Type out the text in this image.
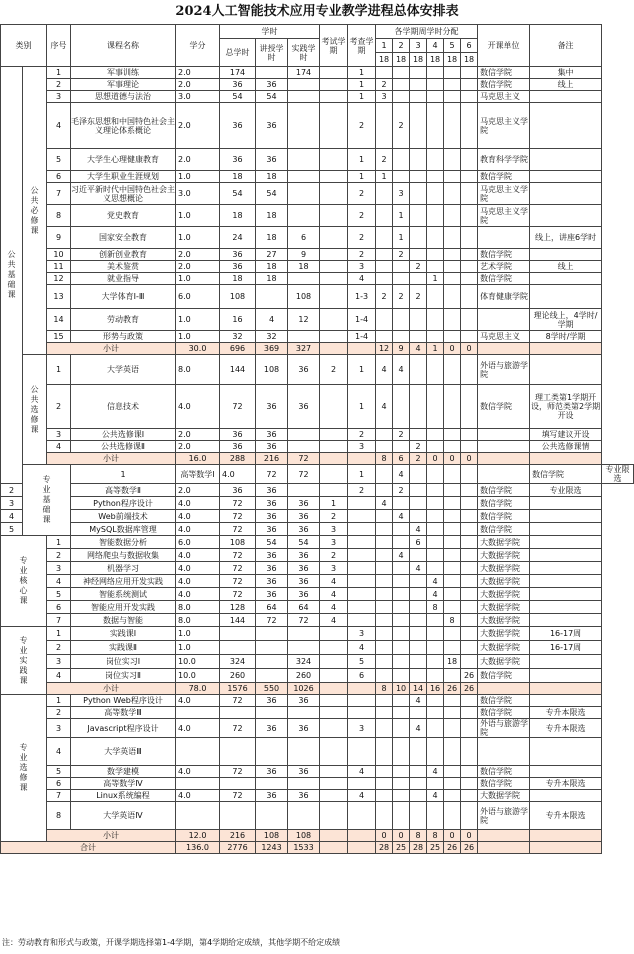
2024人工智能技术应用专业教学进程总体安排表
类别		序号	课程名称	学分	学时			考试学期	考查学期	各学期周学时分配						开课单位	备注	
					总学时	讲授学时	实践学时			1	2	3	4	5	6			
										18	18	18	18	18	18			
公共基础课	公共必修课	1	军事训练	2.0	174		174		1							数信学院	集中	
		2	军事理论	2.0	36	36			1	2						数信学院	线上	
		3	思想道德与法治	3.0	54	54			1	3						马克思主义		
		4	毛泽东思想和中国特色社会主义理论体系概论	2.0	36	36			2		2					马克思主义学院		
		5	大学生心理健康教育	2.0	36	36			1	2						教育科学学院		
		6	大学生职业生涯规划	1.0	18	18			1	1						数信学院		
		7	习近平新时代中国特色社会主义思想概论	3.0	54	54			2		3					马克思主义学院		
		8	党史教育	1.0	18	18			2		1					马克思主义学院		
		9	国家安全教育	1.0	24	18	6		2		1						线上，讲座6学时	
		10	创新创业教育	2.0	36	27	9		2		2					数信学院		
		11	美术鉴赏	2.0	36	18	18		3			2				艺术学院	线上	
		12	就业指导	1.0	18	18			4				1			数信学院		
		13	大学体育Ⅰ-Ⅲ	6.0	108		108		1-3	2	2	2				体育健康学院		
		14	劳动教育	1.0	16	4	12		1-4								理论线上，4学时/学期	
		15	形势与政策	1.0	32	32			1-4							马克思主义	8学时/学期	
		小计		30.0	696	369	327			12	9	4	1	0	0			
	公共选修课	1	大学英语	8.0	144	108	36	2	1	4	4					外语与旅游学院		
		2	信息技术	4.0	72	36	36		1	4						数信学院	理工类第1学期开设，师范类第2学期开设	
		3	公共选修课Ⅰ	2.0	36	36			2		2						填写建议开设	
		4	公共选修课Ⅱ	2.0	36	36			3			2					公共选修课情	
		小计		16.0	288	216	72			8	6	2	0	0	0			
	专业基础课		1	高等数学Ⅰ	4.0	72	72		1		4						数信学院	专业限选
2			高等数学Ⅱ	2.0	36	36			2		2					数信学院	专业限选	
3			Python程序设计	4.0	72	36	36	1		4						数信学院		
4			Web前端技术	4.0	72	36	36	2			4					数信学院		
5			MySQL数据库管理	4.0	72	36	36	3				4				数信学院		
专业核心课		1	智能数据分析	6.0	108	54	54	3				6				大数据学院		
		2	网络爬虫与数据收集	4.0	72	36	36	2			4					大数据学院		
		3	机器学习	4.0	72	36	36	3				4				大数据学院		
		4	神经网络应用开发实践	4.0	72	36	36	4					4			大数据学院		
		5	智能系统测试	4.0	72	36	36	4					4			大数据学院		
		6	智能应用开发实践	8.0	128	64	64	4					8			大数据学院		
		7	数据与智能	8.0	144	72	72	4						8		大数据学院		
专业实践课		1	实践课Ⅰ	1.0					3							大数据学院	16-17周	
		2	实践课Ⅱ	1.0					4							大数据学院	16-17周	
		3	岗位实习Ⅰ	10.0	324		324		5					18		大数据学院		
		4	岗位实习Ⅱ	10.0	260		260		6						26	数信学院		
		小计		78.0	1576	550	1026			8	10	14	16	26	26			
专业选修课		1	Python Web程序设计	4.0	72	36	36					4				数信学院		
		2	高等数学Ⅲ													数信学院	专升本限选	
		3	Javascript程序设计	4.0	72	36	36		3			4				外语与旅游学院	专升本限选	
		4	大学英语Ⅲ															
		5	数学建模	4.0	72	36	36		4				4			数信学院		
		6	高等数学Ⅳ													数信学院	专升本限选	
		7	Linux系统编程	4.0	72	36	36		4				4			大数据学院		
		8	大学英语Ⅳ													外语与旅游学院	专升本限选	
		小计		12.0	216	108	108			0	0	8	8	0	0			
合计				136.0	2776	1243	1533			28	25	28	25	26	26			
注：劳动教育和形式与政策，开课学期选择第1-4学期，第4学期给定成绩，其他学期不给定成绩
